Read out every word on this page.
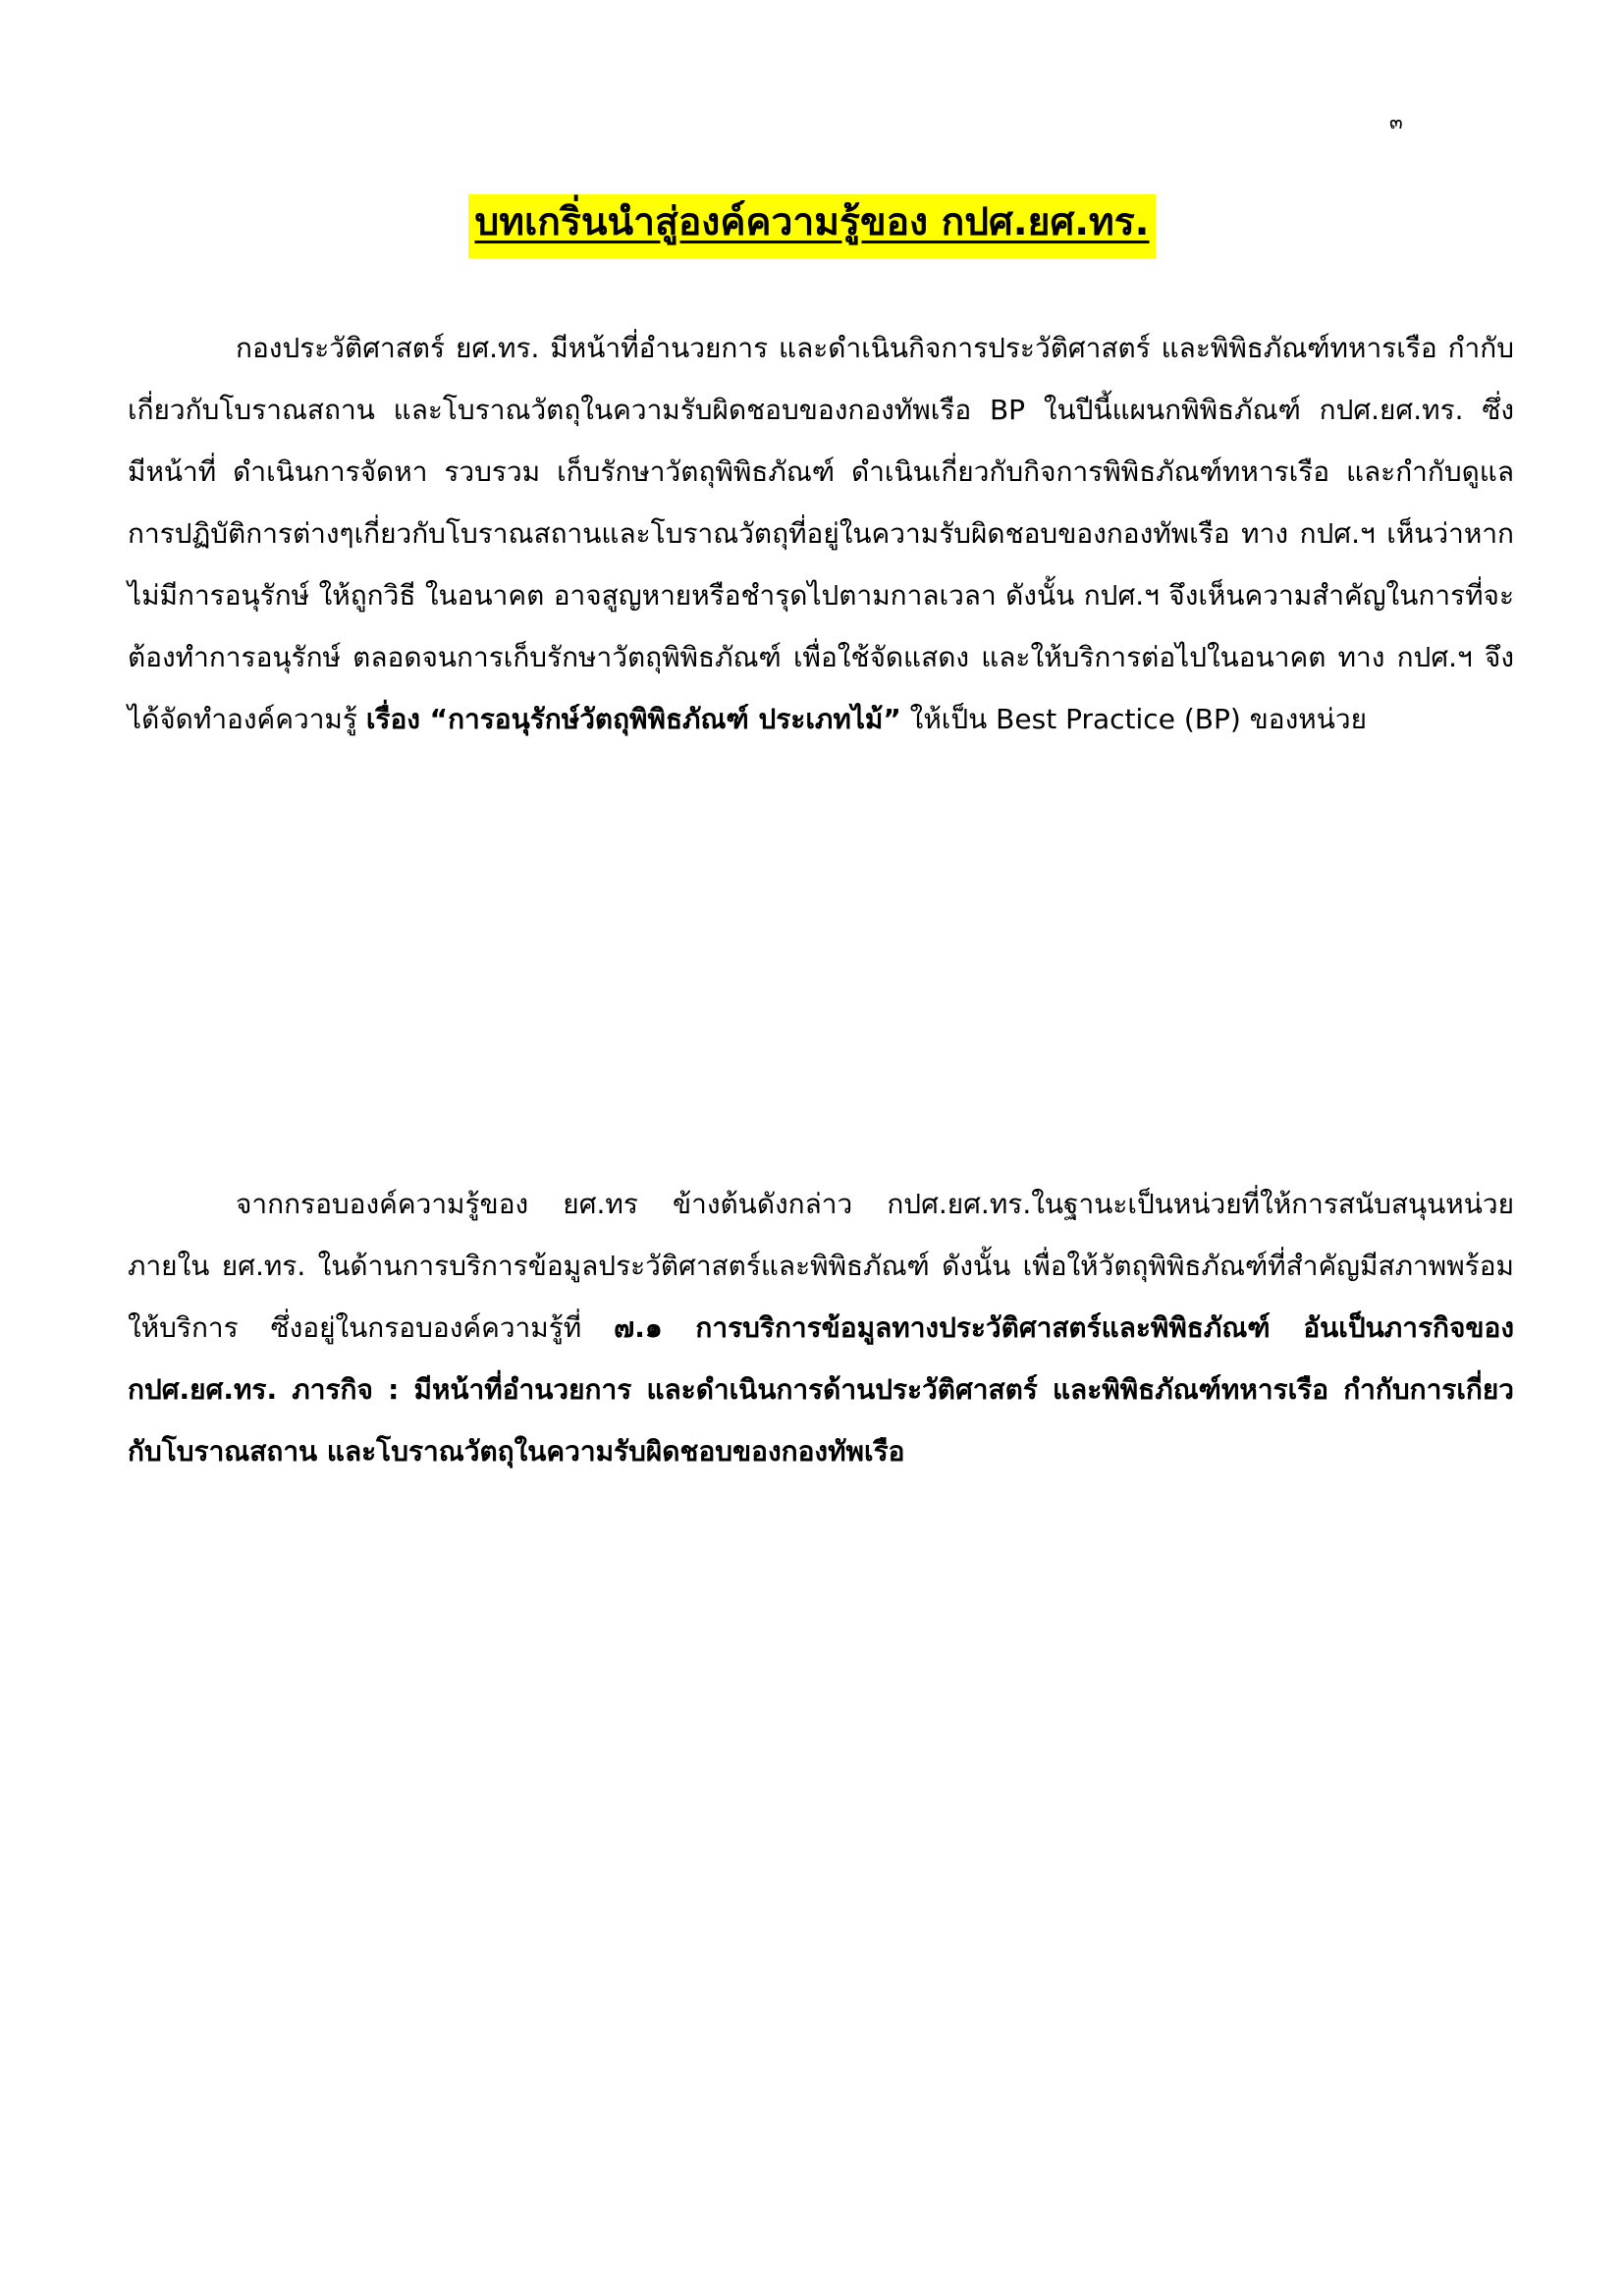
๓
บทเกริ่นนำสู่องค์ความรู้ของ กปศ.ยศ.ทร.
กองประวัติศาสตร์ ยศ.ทร. มีหน้าที่อำนวยการ และดำเนินกิจการประวัติศาสตร์ และพิพิธภัณฑ์ทหารเรือ กำกับเกี่ยวกับโบราณสถาน และโบราณวัตถุในความรับผิดชอบของกองทัพเรือ BP ในปีนี้แผนกพิพิธภัณฑ์ กปศ.ยศ.ทร. ซึ่งมีหน้าที่ ดำเนินการจัดหา รวบรวม เก็บรักษาวัตถุพิพิธภัณฑ์ ดำเนินเกี่ยวกับกิจการพิพิธภัณฑ์ทหารเรือ และกำกับดูแลการปฏิบัติการต่างๆเกี่ยวกับโบราณสถานและโบราณวัตถุที่อยู่ในความรับผิดชอบของกองทัพเรือ ทาง กปศ.ฯ เห็นว่าหากไม่มีการอนุรักษ์ ให้ถูกวิธี ในอนาคต อาจสูญหายหรือชำรุดไปตามกาลเวลา ดังนั้น กปศ.ฯ จึงเห็นความสำคัญในการที่จะต้องทำการอนุรักษ์ ตลอดจนการเก็บรักษาวัตถุพิพิธภัณฑ์ เพื่อใช้จัดแสดง และให้บริการต่อไปในอนาคต ทาง กปศ.ฯ จึงได้จัดทำองค์ความรู้ เรื่อง “การอนุรักษ์วัตถุพิพิธภัณฑ์ ประเภทไม้” ให้เป็น Best Practice (BP) ของหน่วย
จากกรอบองค์ความรู้ของ ยศ.ทร ข้างต้นดังกล่าว กปศ.ยศ.ทร.ในฐานะเป็นหน่วยที่ให้การสนับสนุนหน่วยภายใน ยศ.ทร. ในด้านการบริการข้อมูลประวัติศาสตร์และพิพิธภัณฑ์ ดังนั้น เพื่อให้วัตถุพิพิธภัณฑ์ที่สำคัญมีสภาพพร้อมให้บริการ ซึ่งอยู่ในกรอบองค์ความรู้ที่ ๗.๑ การบริการข้อมูลทางประวัติศาสตร์และพิพิธภัณฑ์ อันเป็นภารกิจของ กปศ.ยศ.ทร. ภารกิจ : มีหน้าที่อำนวยการ และดำเนินการด้านประวัติศาสตร์ และพิพิธภัณฑ์ทหารเรือ กำกับการเกี่ยวกับโบราณสถาน และโบราณวัตถุในความรับผิดชอบของกองทัพเรือ
